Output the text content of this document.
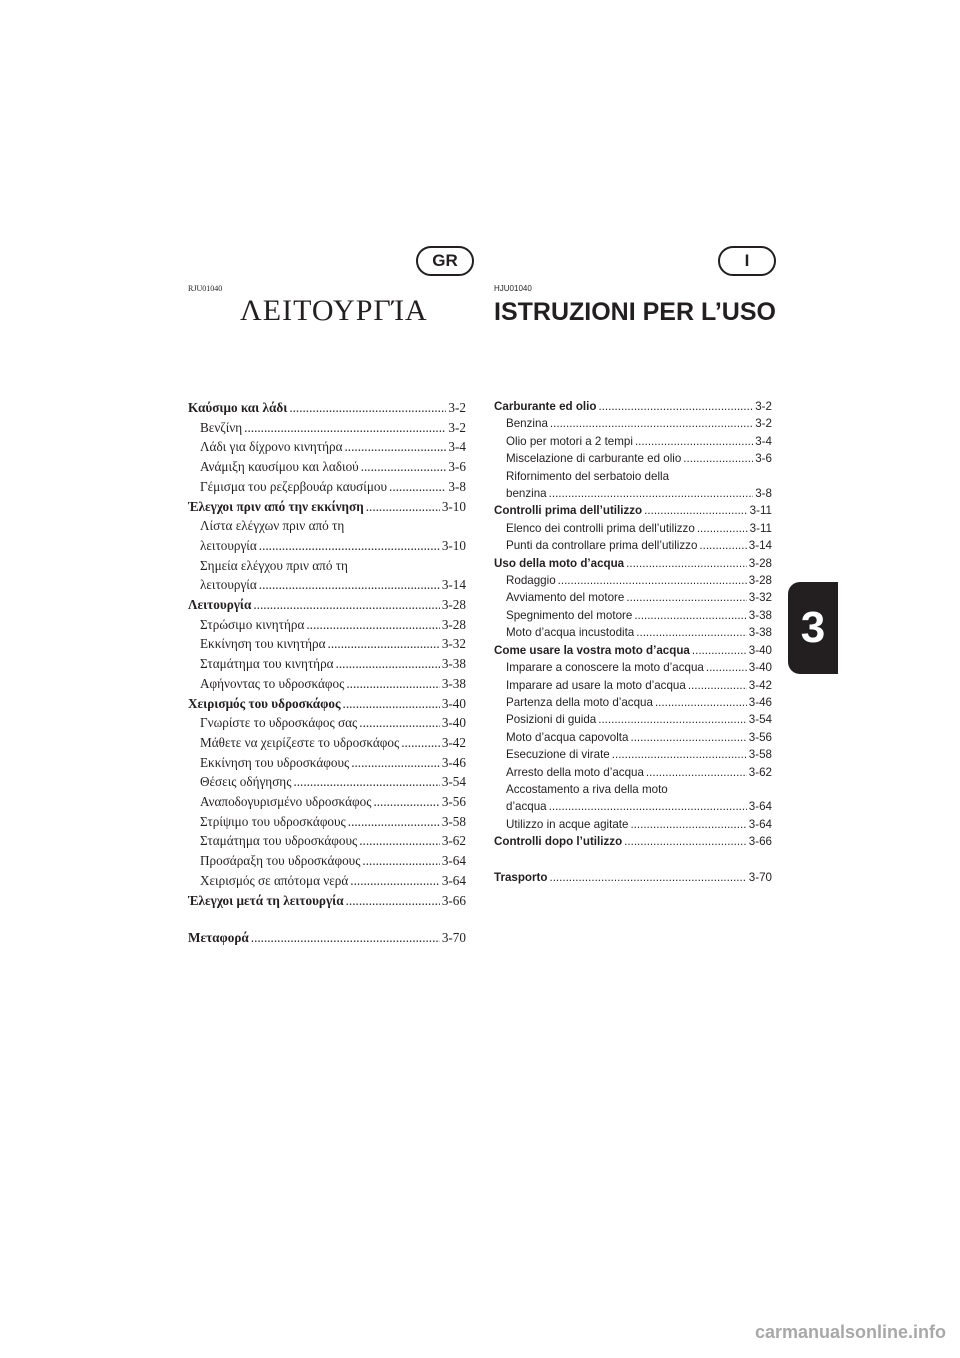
GR	I
RJU01040	HJU01040
ΛΕΙΤΟΥΡΓΊΑ	ISTRUZIONI PER L’USO
Καύσιμο και λάδι .....	3-2
Βενζίνη .....	3-2
Λάδι για δίχρονο κινητήρα .....	3-4
Ανάμιξη καυσίμου και λαδιού .....	3-6
Γέμισμα του ρεζερβουάρ καυσίμου .....	3-8
Έλεγχοι πριν από την εκκίνηση .....	3-10
Λίστα ελέγχων πριν από τη
λειτουργία .....	3-10
Σημεία ελέγχου πριν από τη
λειτουργία .....	3-14
Λειτουργία .....	3-28
Στρώσιμο κινητήρα .....	3-28
Εκκίνηση του κινητήρα .....	3-32
Σταμάτημα του κινητήρα .....	3-38
Αφήνοντας το υδροσκάφος .....	3-38
Χειρισμός του υδροσκάφος .....	3-40
Γνωρίστε το υδροσκάφος σας .....	3-40
Μάθετε να χειρίζεστε το υδροσκάφος .....	3-42
Εκκίνηση του υδροσκάφους .....	3-46
Θέσεις οδήγησης .....	3-54
Αναποδογυρισμένο υδροσκάφος .....	3-56
Στρίψιμο του υδροσκάφους .....	3-58
Σταμάτημα του υδροσκάφους .....	3-62
Προσάραξη του υδροσκάφους .....	3-64
Χειρισμός σε απότομα νερά .....	3-64
Έλεγχοι μετά τη λειτουργία .....	3-66
Μεταφορά .....	3-70
Carburante ed olio .....	3-2
Benzina .....	3-2
Olio per motori a 2 tempi .....	3-4
Miscelazione di carburante ed olio .....	3-6
Rifornimento del serbatoio della
benzina .....	3-8
Controlli prima dell’utilizzo .....	3-11
Elenco dei controlli prima dell’utilizzo .....	3-11
Punti da controllare prima dell’utilizzo .....	3-14
Uso della moto d’acqua .....	3-28
Rodaggio .....	3-28
Avviamento del motore .....	3-32
Spegnimento del motore .....	3-38
Moto d’acqua incustodita .....	3-38
Come usare la vostra moto d’acqua .....	3-40
Imparare a conoscere la moto d’acqua .....	3-40
Imparare ad usare la moto d’acqua .....	3-42
Partenza della moto d’acqua .....	3-46
Posizioni di guida .....	3-54
Moto d’acqua capovolta .....	3-56
Esecuzione di virate .....	3-58
Arresto della moto d’acqua .....	3-62
Accostamento a riva della moto
d’acqua .....	3-64
Utilizzo in acque agitate .....	3-64
Controlli dopo l’utilizzo .....	3-66
Trasporto .....	3-70
3
carmanualsonline.info
